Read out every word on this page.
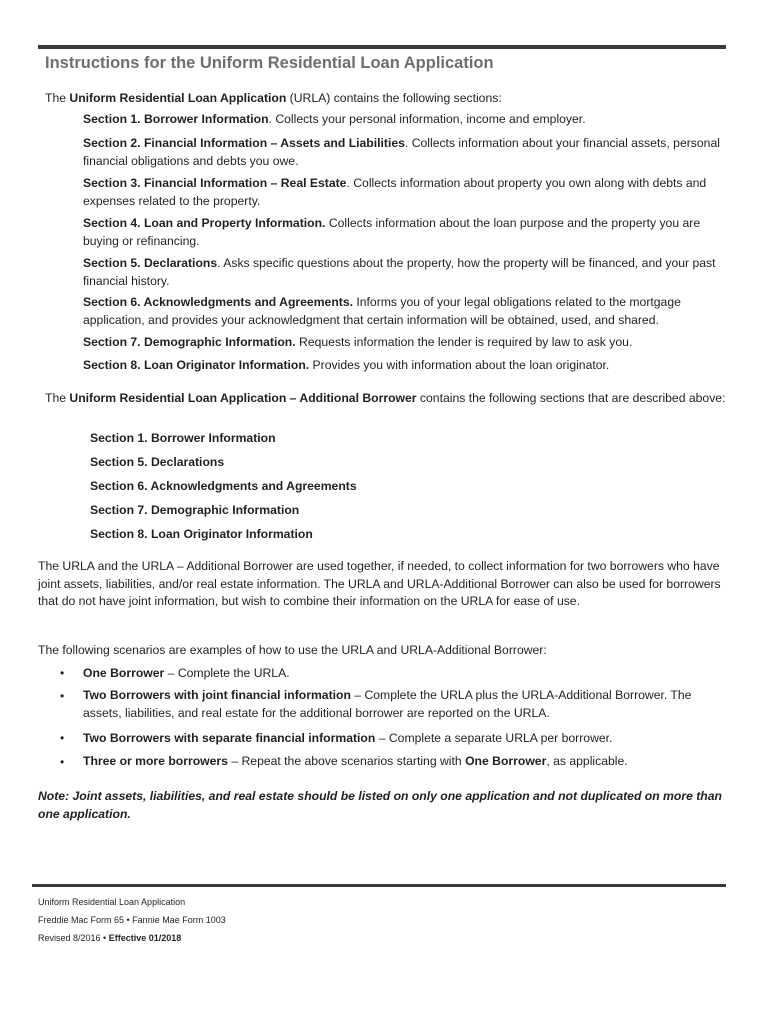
Instructions for the Uniform Residential Loan Application
The Uniform Residential Loan Application (URLA) contains the following sections:
Section 1. Borrower Information. Collects your personal information, income and employer.
Section 2. Financial Information – Assets and Liabilities. Collects information about your financial assets, personal financial obligations and debts you owe.
Section 3. Financial Information – Real Estate. Collects information about property you own along with debts and expenses related to the property.
Section 4. Loan and Property Information. Collects information about the loan purpose and the property you are buying or refinancing.
Section 5. Declarations. Asks specific questions about the property, how the property will be financed, and your past financial history.
Section 6. Acknowledgments and Agreements. Informs you of your legal obligations related to the mortgage application, and provides your acknowledgment that certain information will be obtained, used, and shared.
Section 7. Demographic Information. Requests information the lender is required by law to ask you.
Section 8. Loan Originator Information. Provides you with information about the loan originator.
The Uniform Residential Loan Application – Additional Borrower contains the following sections that are described above:
Section 1. Borrower Information
Section 5. Declarations
Section 6. Acknowledgments and Agreements
Section 7. Demographic Information
Section 8. Loan Originator Information
The URLA and the URLA – Additional Borrower are used together, if needed, to collect information for two borrowers who have joint assets, liabilities, and/or real estate information. The URLA and URLA-Additional Borrower can also be used for borrowers that do not have joint information, but wish to combine their information on the URLA for ease of use.
The following scenarios are examples of how to use the URLA and URLA-Additional Borrower:
• One Borrower – Complete the URLA.
• Two Borrowers with joint financial information – Complete the URLA plus the URLA-Additional Borrower. The assets, liabilities, and real estate for the additional borrower are reported on the URLA.
• Two Borrowers with separate financial information – Complete a separate URLA per borrower.
• Three or more borrowers – Repeat the above scenarios starting with One Borrower, as applicable.
Note: Joint assets, liabilities, and real estate should be listed on only one application and not duplicated on more than one application.
Uniform Residential Loan Application
Freddie Mac Form 65 • Fannie Mae Form 1003
Revised 8/2016 • Effective 01/2018
